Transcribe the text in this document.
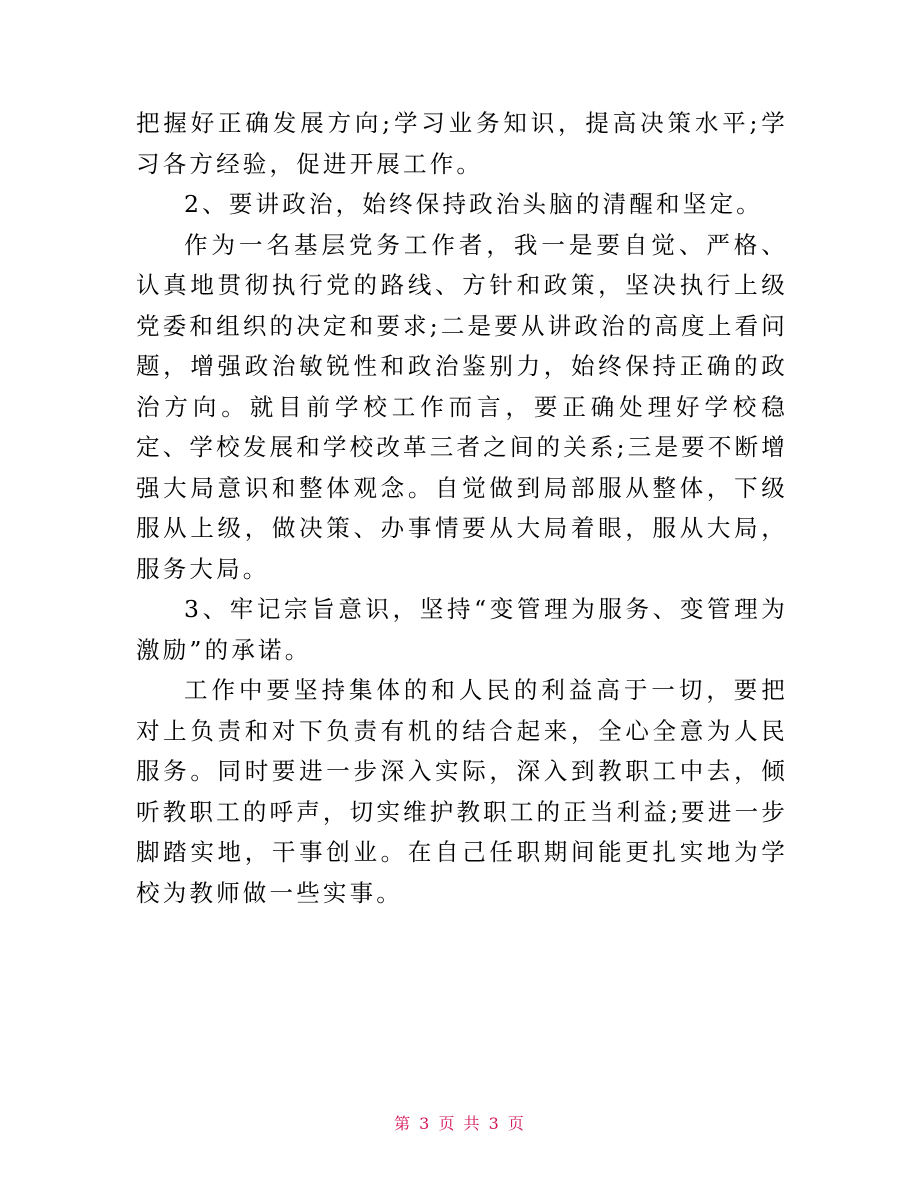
把握好正确发展方向;学习业务知识，提高决策水平;学习各方经验，促进开展工作。

2、要讲政治，始终保持政治头脑的清醒和坚定。

作为一名基层党务工作者，我一是要自觉、严格、认真地贯彻执行党的路线、方针和政策，坚决执行上级党委和组织的决定和要求;二是要从讲政治的高度上看问题，增强政治敏锐性和政治鉴别力，始终保持正确的政治方向。就目前学校工作而言，要正确处理好学校稳定、学校发展和学校改革三者之间的关系;三是要不断增强大局意识和整体观念。自觉做到局部服从整体，下级服从上级，做决策、办事情要从大局着眼，服从大局，服务大局。

3、牢记宗旨意识，坚持“变管理为服务、变管理为激励”的承诺。

工作中要坚持集体的和人民的利益高于一切，要把对上负责和对下负责有机的结合起来，全心全意为人民服务。同时要进一步深入实际，深入到教职工中去，倾听教职工的呼声，切实维护教职工的正当利益;要进一步脚踏实地，干事创业。在自己任职期间能更扎实地为学校为教师做一些实事。

第 3 页 共 3 页
